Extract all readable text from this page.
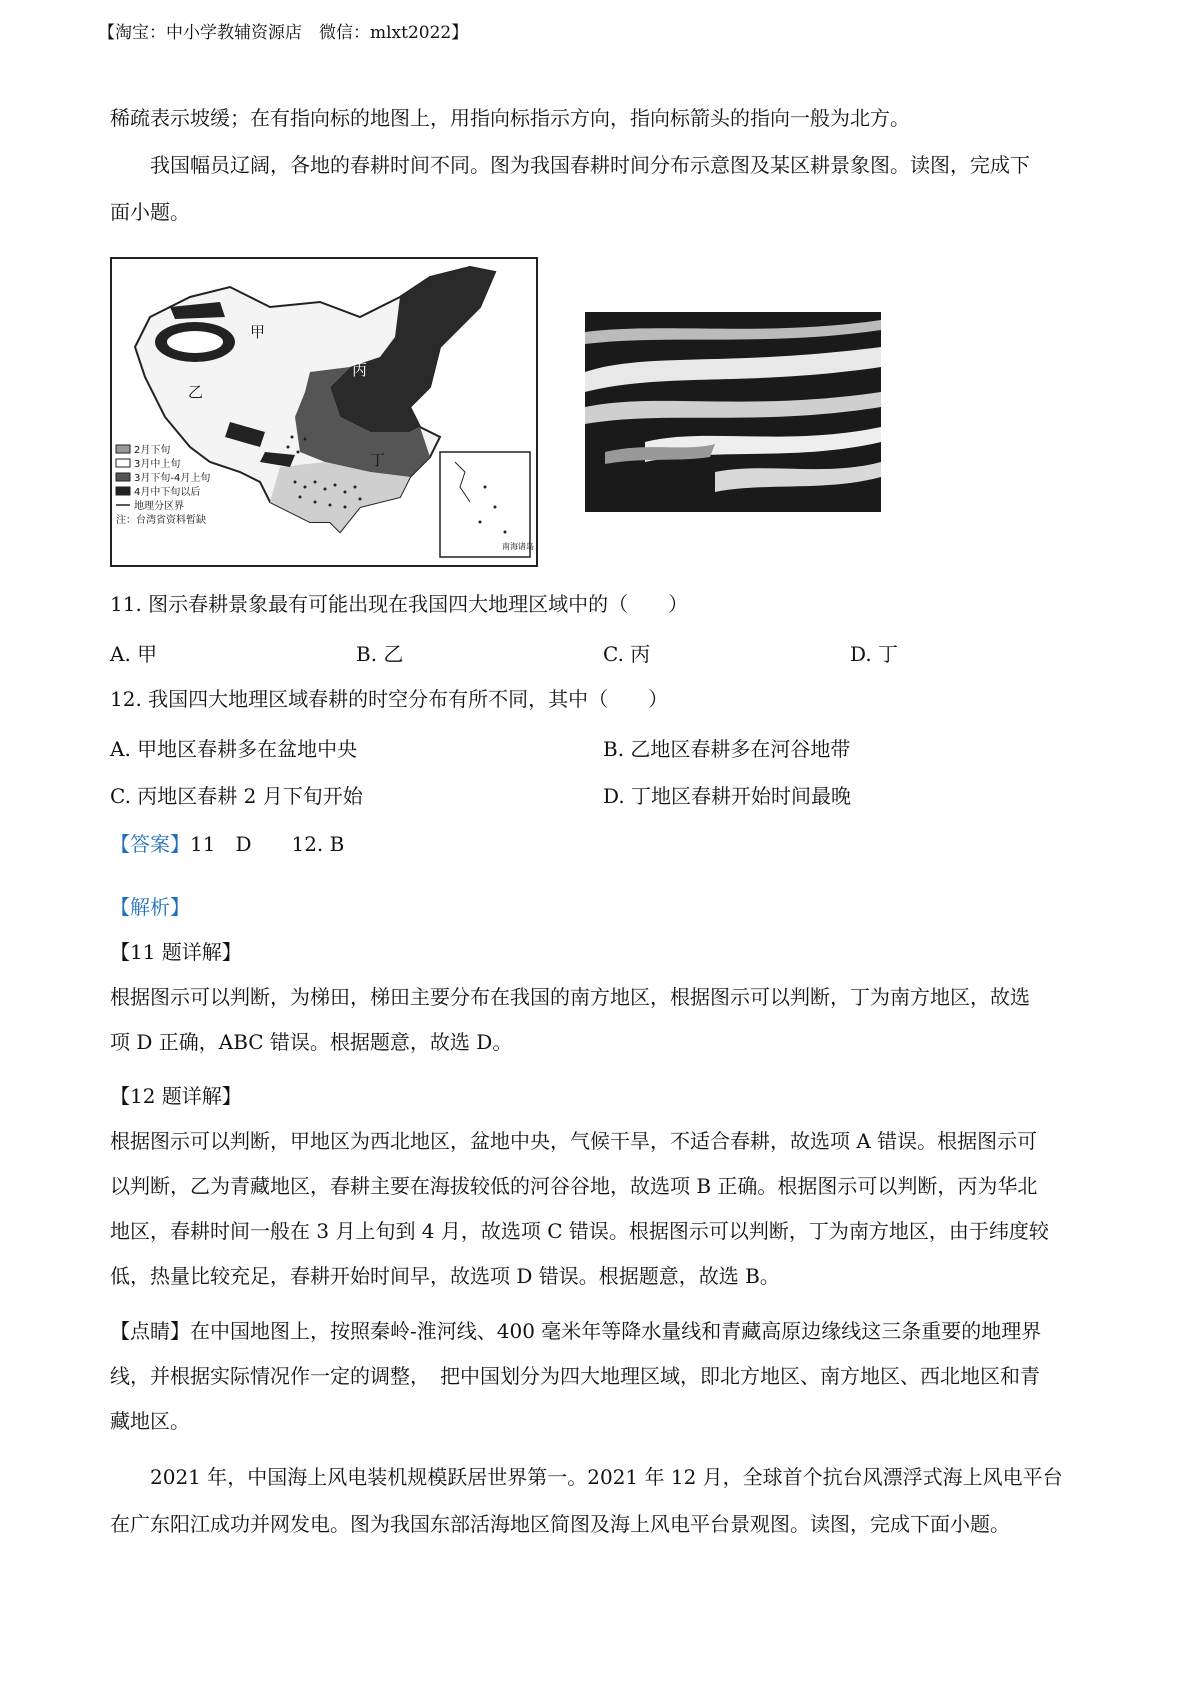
【淘宝：中小学教辅资源店　微信：mlxt2022】
稀疏表示坡缓；在有指向标的地图上，用指向标指示方向，指向标箭头的指向一般为北方。
我国幅员辽阔，各地的春耕时间不同。图为我国春耕时间分布示意图及某区耕景象图。读图，完成下
面小题。
甲
乙
丙
丁
2月下旬
3月中上旬
3月下旬-4月上旬
4月中下旬以后
地理分区界
注：台湾省资料暂缺
南海诸岛
11. 图示春耕景象最有可能出现在我国四大地理区域中的（　　）
A. 甲	B. 乙	C. 丙	D. 丁
12. 我国四大地理区域春耕的时空分布有所不同，其中（　　）
A. 甲地区春耕多在盆地中央	B. 乙地区春耕多在河谷地带
C. 丙地区春耕 2 月下旬开始	D. 丁地区春耕开始时间最晚
【答案】11　D　　12. B
【解析】
【11 题详解】
根据图示可以判断，为梯田，梯田主要分布在我国的南方地区，根据图示可以判断，丁为南方地区，故选
项 D 正确，ABC 错误。根据题意，故选 D。
【12 题详解】
根据图示可以判断，甲地区为西北地区，盆地中央，气候干旱，不适合春耕，故选项 A 错误。根据图示可
以判断，乙为青藏地区，春耕主要在海拔较低的河谷谷地，故选项 B 正确。根据图示可以判断，丙为华北
地区，春耕时间一般在 3 月上旬到 4 月，故选项 C 错误。根据图示可以判断，丁为南方地区，由于纬度较
低，热量比较充足，春耕开始时间早，故选项 D 错误。根据题意，故选 B。
【点睛】在中国地图上，按照秦岭-淮河线、400 毫米年等降水量线和青藏高原边缘线这三条重要的地理界
线，并根据实际情况作一定的调整，　把中国划分为四大地理区域，即北方地区、南方地区、西北地区和青
藏地区。
2021 年，中国海上风电装机规模跃居世界第一。2021 年 12 月，全球首个抗台风漂浮式海上风电平台
在广东阳江成功并网发电。图为我国东部活海地区简图及海上风电平台景观图。读图，完成下面小题。
